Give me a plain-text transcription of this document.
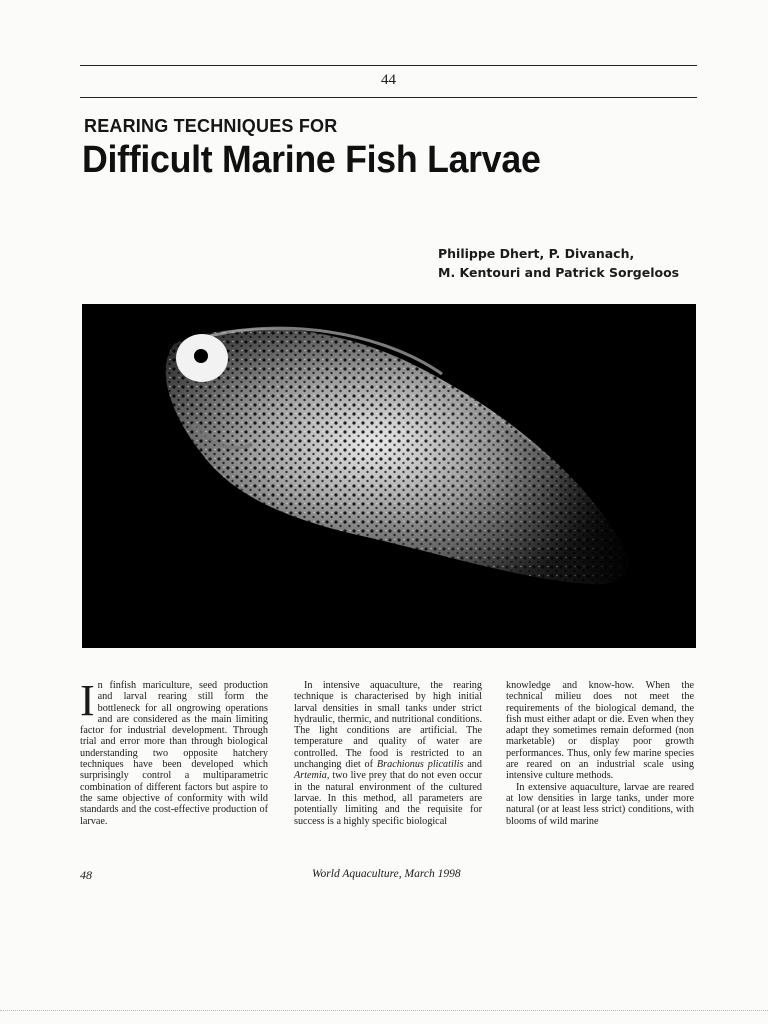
44
REARING TECHNIQUES FOR
Difficult Marine Fish Larvae
Philippe Dhert, P. Divanach,
M. Kentouri and Patrick Sorgeloos

In finfish mariculture, seed production and larval rearing still form the bottleneck for all ongrowing operations and are considered as the main limiting factor for industrial development. Through trial and error more than through biological understanding two opposite hatchery techniques have been developed which surprisingly control a multiparametric combination of different factors but aspire to the same objective of conformity with wild standards and the cost-effective production of larvae.

In intensive aquaculture, the rearing technique is characterised by high initial larval densities in small tanks under strict hydraulic, thermic, and nutritional conditions. The light conditions are artificial. The temperature and quality of water are controlled. The food is restricted to an unchanging diet of Brachionus plicatilis and Artemia, two live prey that do not even occur in the natural environment of the cultured larvae. In this method, all parameters are potentially limiting and the requisite for success is a highly specific biological

knowledge and know-how. When the technical milieu does not meet the requirements of the biological demand, the fish must either adapt or die. Even when they adapt they sometimes remain deformed (non marketable) or display poor growth performances. Thus, only few marine species are reared on an industrial scale using intensive culture methods.

In extensive aquaculture, larvae are reared at low densities in large tanks, under more natural (or at least less strict) conditions, with blooms of wild marine

48	World Aquaculture, March 1998
